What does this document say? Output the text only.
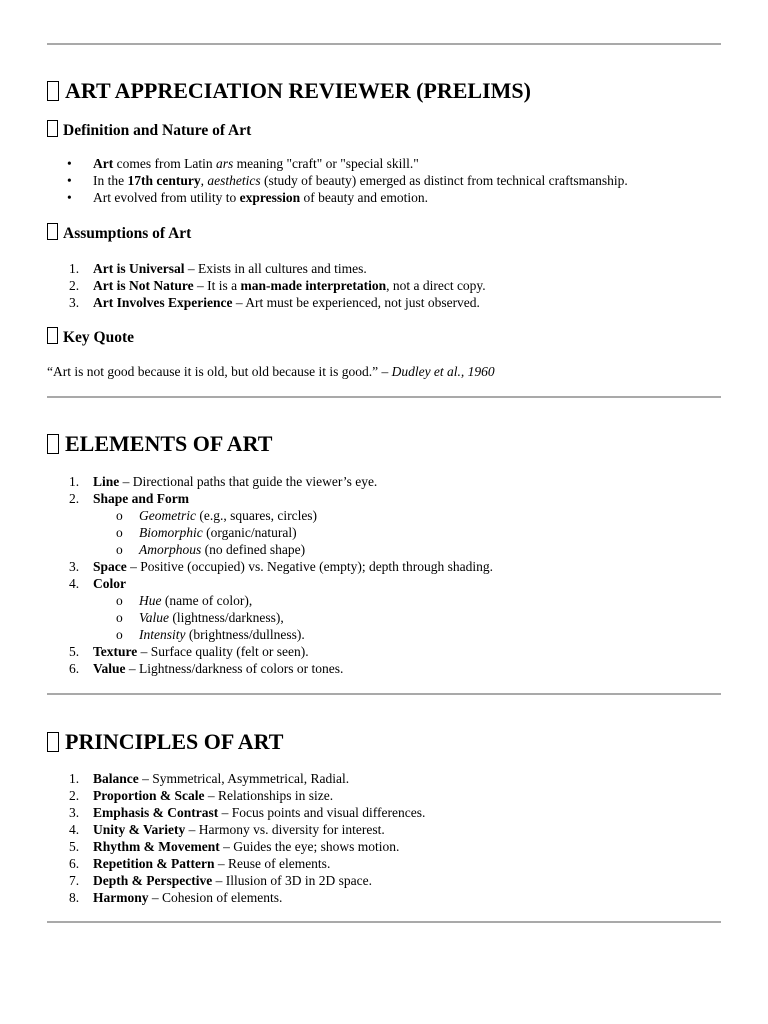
ART APPRECIATION REVIEWER (PRELIMS)
Definition and Nature of Art
• Art comes from Latin ars meaning "craft" or "special skill."
• In the 17th century, aesthetics (study of beauty) emerged as distinct from technical craftsmanship.
• Art evolved from utility to expression of beauty and emotion.
Assumptions of Art
1. Art is Universal – Exists in all cultures and times.
2. Art is Not Nature – It is a man-made interpretation, not a direct copy.
3. Art Involves Experience – Art must be experienced, not just observed.
Key Quote

“Art is not good because it is old, but old because it is good.” – Dudley et al., 1960

ELEMENTS OF ART
1. Line – Directional paths that guide the viewer’s eye.
2. Shape and Form
o Geometric (e.g., squares, circles)
o Biomorphic (organic/natural)
o Amorphous (no defined shape)
3. Space – Positive (occupied) vs. Negative (empty); depth through shading.
4. Color
o Hue (name of color),
o Value (lightness/darkness),
o Intensity (brightness/dullness).
5. Texture – Surface quality (felt or seen).
6. Value – Lightness/darkness of colors or tones.
PRINCIPLES OF ART
1. Balance – Symmetrical, Asymmetrical, Radial.
2. Proportion & Scale – Relationships in size.
3. Emphasis & Contrast – Focus points and visual differences.
4. Unity & Variety – Harmony vs. diversity for interest.
5. Rhythm & Movement – Guides the eye; shows motion.
6. Repetition & Pattern – Reuse of elements.
7. Depth & Perspective – Illusion of 3D in 2D space.
8. Harmony – Cohesion of elements.
